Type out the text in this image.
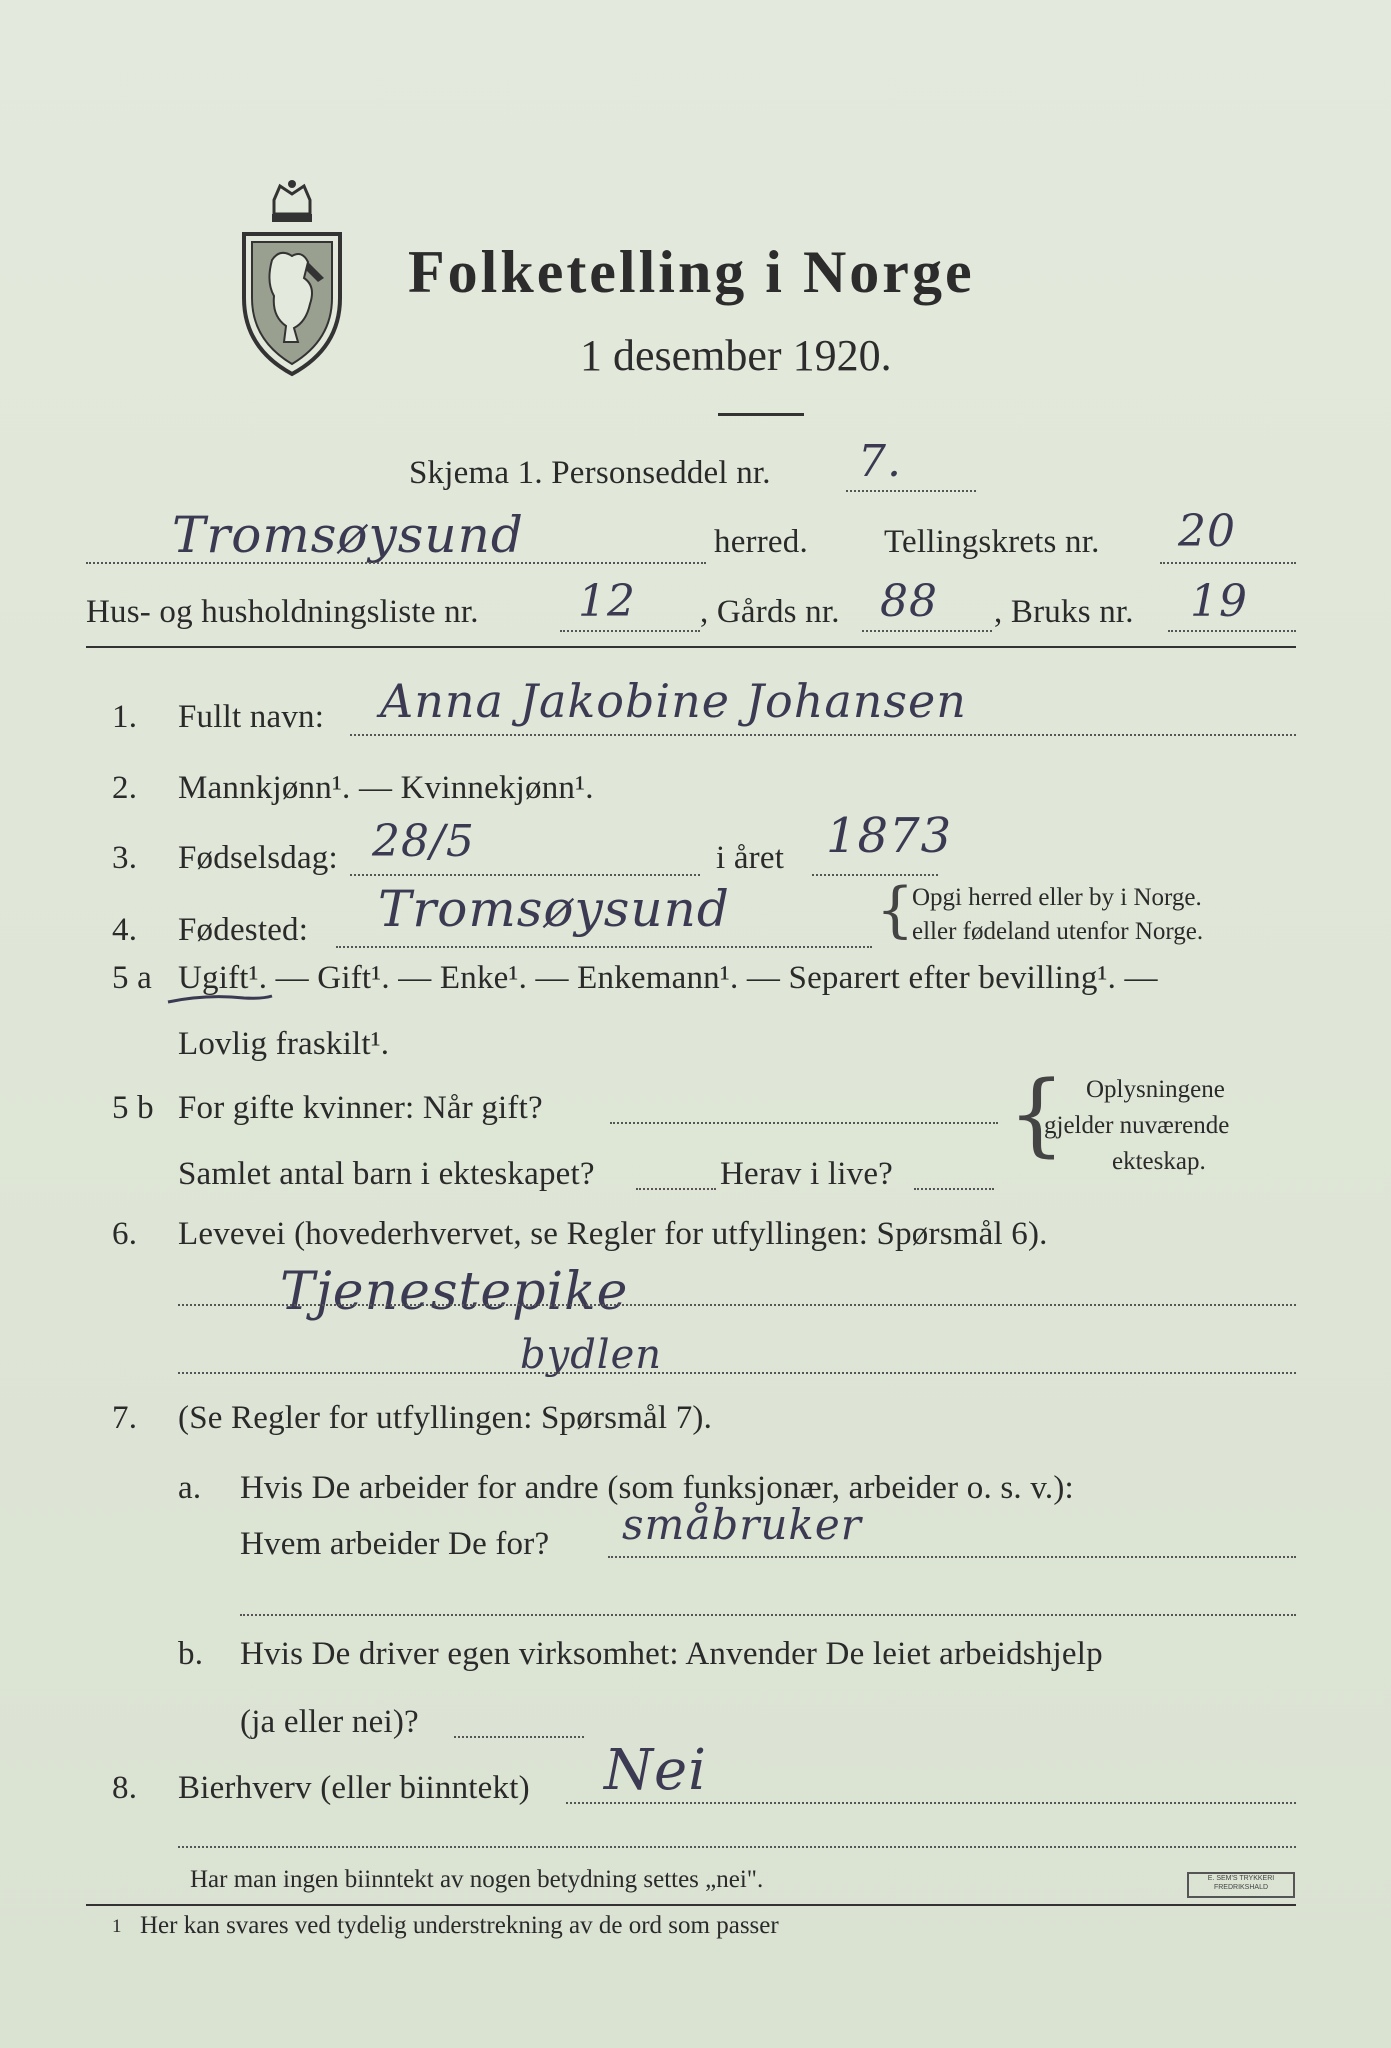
Folketelling i Norge
1 desember 1920.
Skjema 1. Personseddel nr. 7.
Tromsøysund	herred. Tellingskrets nr. 20
Hus- og husholdningsliste nr. 12 , Gårds nr. 88 , Bruks nr. 19
1. Fullt navn: Anna Jakobine Johansen
2. Mannkjønn¹. — Kvinnekjønn¹.
3. Fødselsdag: 28/5	i året 1873
4. Fødested: Tromsøysund {
Opgi herred eller by i Norge.
eller fødeland utenfor Norge.
5 a Ugift¹. — Gift¹. — Enke¹. — Enkemann¹. — Separert efter bevilling¹. —
Lovlig fraskilt¹.
5 b For gifte kvinner: Når gift?
Samlet antal barn i ekteskapet?	Herav i live?
{ Oplysningene
gjelder nuværende
ekteskap.
6. Levevei (hovederhvervet, se Regler for utfyllingen: Spørsmål 6).
Tjenestepike
bydlen
7. (Se Regler for utfyllingen: Spørsmål 7).
a. Hvis De arbeider for andre (som funksjonær, arbeider o. s. v.):
Hvem arbeider De for? småbruker
b. Hvis De driver egen virksomhet: Anvender De leiet arbeidshjelp
(ja eller nei)?
8. Bierhverv (eller biinntekt) Nei
Har man ingen biinntekt av nogen betydning settes „nei".
1 Her kan svares ved tydelig understrekning av de ord som passer
E. SEM'S TRYKKERI FREDRIKSHALD
